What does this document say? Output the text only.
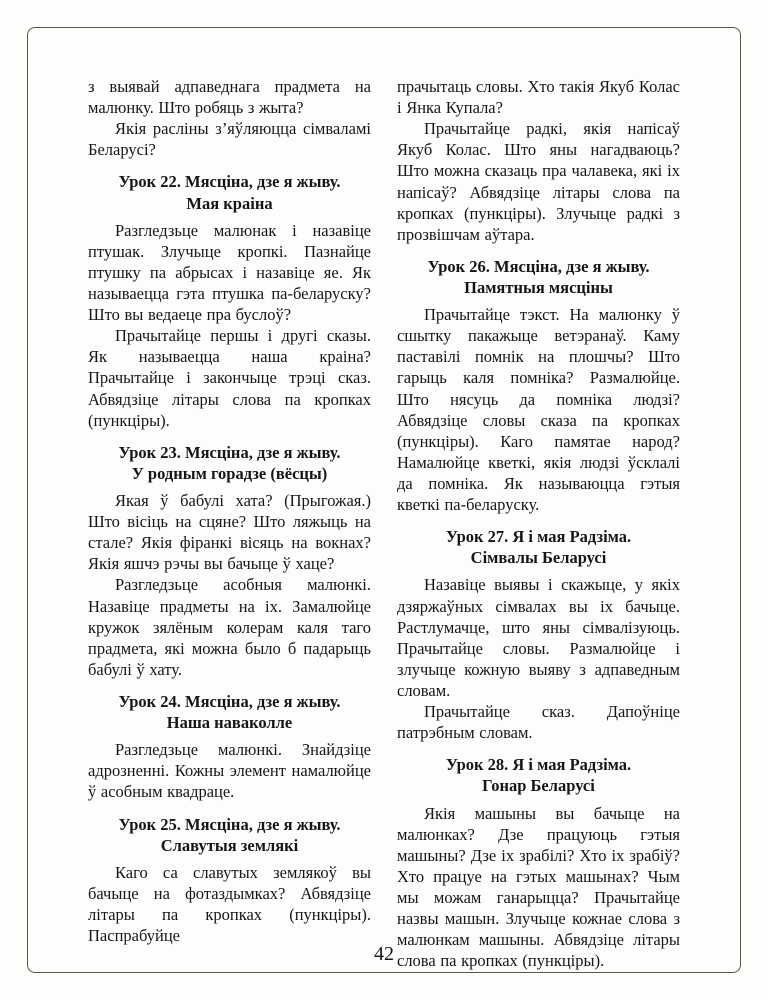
з выявай адпаведнага прадмета на малюнку. Што робяць з жыта?

Якія расліны з’яўляюцца сімваламі Беларусі?

Урок 22. Мясціна, дзе я жыву.
Мая краіна

Разгледзьце малюнак і назавіце птушак. Злучыце кропкі. Пазнайце птушку па абрысах і назавіце яе. Як называецца гэта птушка па-беларуску? Што вы ведаеце пра буслоў?

Прачытайце першы і другі сказы. Як называецца наша краіна? Прачытайце і закончыце трэці сказ. Абвядзіце літары слова па кропках (пункціры).

Урок 23. Мясціна, дзе я жыву.
У родным горадзе (вёсцы)

Якая ў бабулі хата? (Прыгожая.) Што вісіць на сцяне? Што ляжыць на стале? Якія фіранкі вісяць на вокнах? Якія яшчэ рэчы вы бачыце ў хаце?

Разгледзьце асобныя малюнкі. Назавіце прадметы на іх. Замалюйце кружок зялёным колерам каля таго прадмета, які можна было б падарыць бабулі ў хату.

Урок 24. Мясціна, дзе я жыву.
Наша наваколле

Разгледзьце малюнкі. Знайдзіце адрозненні. Кожны элемент намалюйце ў асобным квадраце.

Урок 25. Мясціна, дзе я жыву.
Славутыя землякі

Каго са славутых землякоў вы бачыце на фотаздымках? Абвядзіце літары па кропках (пункціры). Паспрабуйце

прачытаць словы. Хто такія Якуб Колас і Янка Купала?

Прачытайце радкі, якія напісаў Якуб Колас. Што яны нагадваюць? Што можна сказаць пра чалавека, які іх напісаў? Абвядзіце літары слова па кропках (пункціры). Злучыце радкі з прозвішчам аўтара.

Урок 26. Мясціна, дзе я жыву.
Памятныя мясціны

Прачытайце тэкст. На малюнку ў сшытку пакажыце ветэранаў. Каму паставілі помнік на плошчы? Што гарыць каля помніка? Размалюйце. Што нясуць да помніка людзі? Абвядзіце словы сказа па кропках (пункціры). Каго памятае народ? Намалюйце кветкі, якія людзі ўсклалі да помніка. Як называюцца гэтыя кветкі па-беларуску.

Урок 27. Я і мая Радзіма.
Сімвалы Беларусі

Назавіце выявы і скажыце, у якіх дзяржаўных сімвалах вы іх бачыце. Растлумачце, што яны сімвалізуюць. Прачытайце словы. Размалюйце і злучыце кожную выяву з адпаведным словам.

Прачытайце сказ. Дапоўніце патрэбным словам.

Урок 28. Я і мая Радзіма.
Гонар Беларусі

Якія машыны вы бачыце на малюнках? Дзе працуюць гэтыя машыны? Дзе іх зрабілі? Хто іх зрабіў? Хто працуе на гэтых машынах? Чым мы можам ганарыцца? Прачытайце назвы машын. Злучыце кожнае слова з малюнкам машыны. Абвядзіце літары слова па кропках (пункціры).

42
